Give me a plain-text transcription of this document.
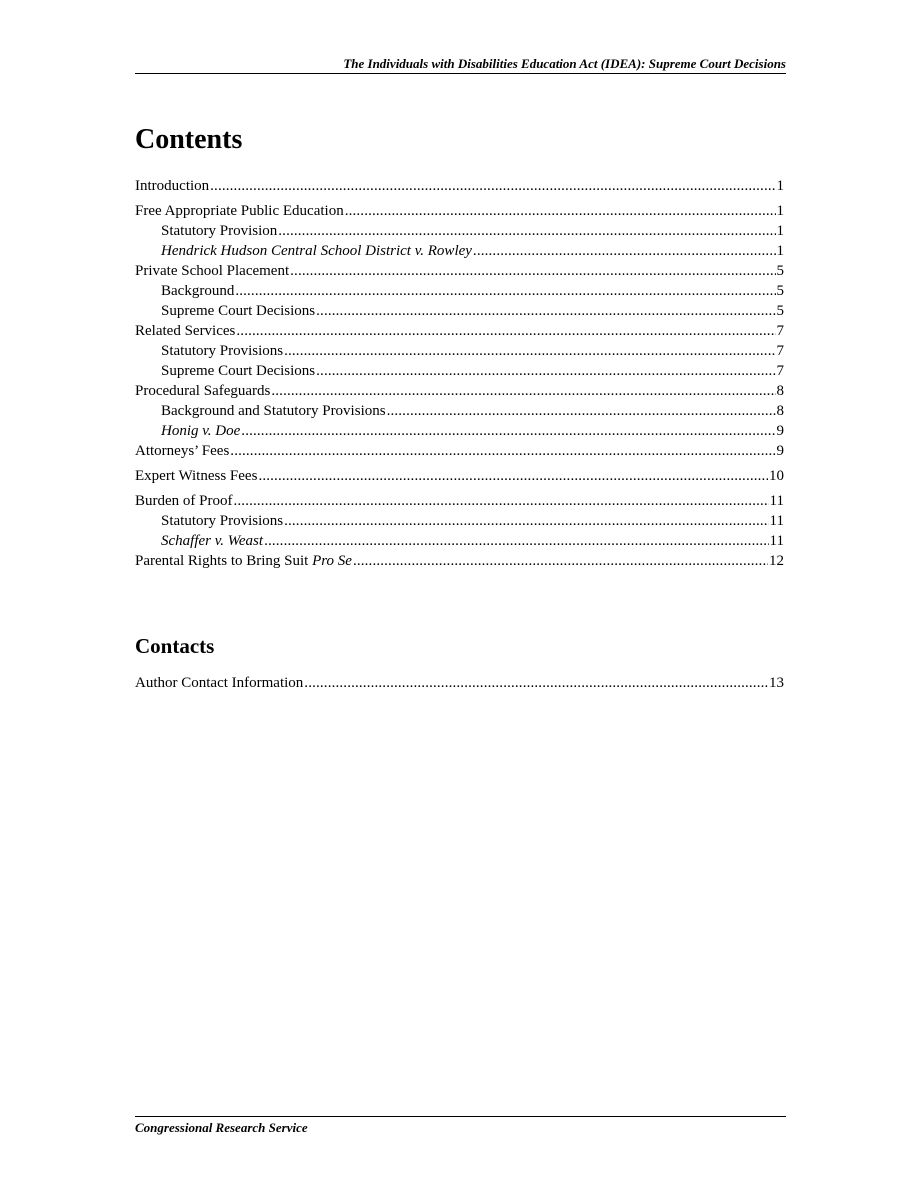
The Individuals with Disabilities Education Act (IDEA): Supreme Court Decisions
Contents
Introduction . . .	1
Free Appropriate Public Education . . .	1
Statutory Provision . . .	1
Hendrick Hudson Central School District v. Rowley . . .	1
Private School Placement . . .	5
Background . . .	5
Supreme Court Decisions . . .	5
Related Services . . .	7
Statutory Provisions . . .	7
Supreme Court Decisions . . .	7
Procedural Safeguards . . .	8
Background and Statutory Provisions . . .	8
Honig v. Doe . . .	9
Attorneys’ Fees . . .	9
Expert Witness Fees . . .	10
Burden of Proof . . .	11
Statutory Provisions . . .	11
Schaffer v. Weast . . .	11
Parental Rights to Bring Suit Pro Se . . .	12
Contacts
Author Contact Information . . .	13
Congressional Research Service
